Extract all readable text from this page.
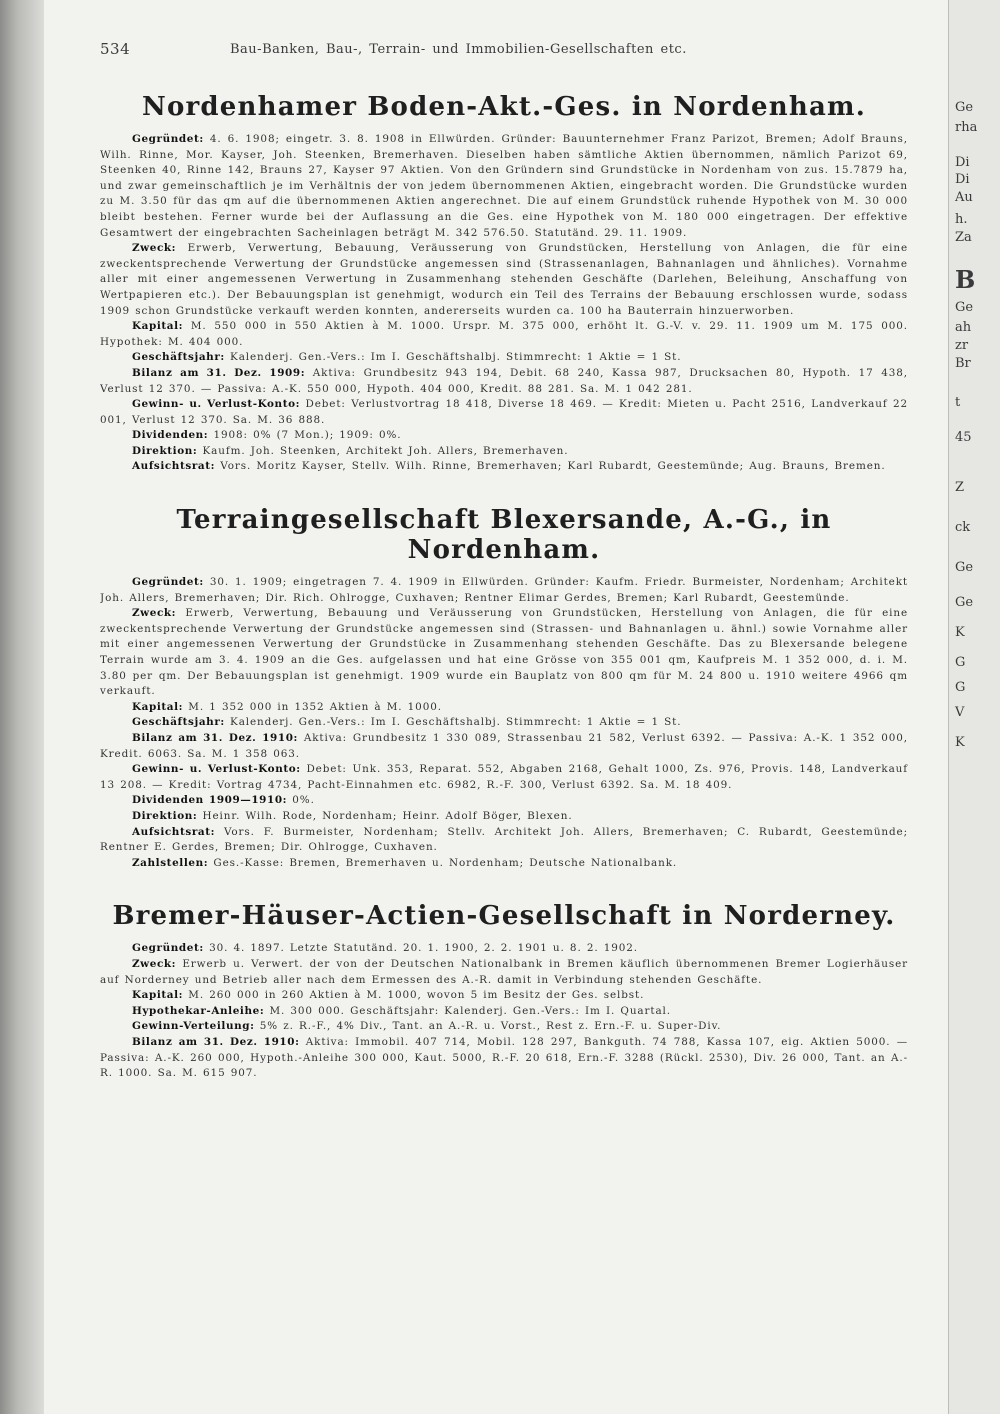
Ge
rha
Di
Di
Au
h.
Za
B
Ge
ah
zr
Br
t
45
Z
ck
Ge
Ge
K
G
G
V
K
534	Bau-Banken, Bau-, Terrain- und Immobilien-Gesellschaften etc.
Nordenhamer Boden-Akt.-Ges. in Nordenham.

Gegründet: 4. 6. 1908; eingetr. 3. 8. 1908 in Ellwürden. Gründer: Bauunternehmer Franz Parizot, Bremen; Adolf Brauns, Wilh. Rinne, Mor. Kayser, Joh. Steenken, Bremerhaven. Dieselben haben sämtliche Aktien übernommen, nämlich Parizot 69, Steenken 40, Rinne 142, Brauns 27, Kayser 97 Aktien. Von den Gründern sind Grundstücke in Nordenham von zus. 15.7879 ha, und zwar gemeinschaftlich je im Verhältnis der von jedem übernommenen Aktien, eingebracht worden. Die Grundstücke wurden zu M. 3.50 für das qm auf die übernommenen Aktien angerechnet. Die auf einem Grundstück ruhende Hypothek von M. 30 000 bleibt bestehen. Ferner wurde bei der Auflassung an die Ges. eine Hypothek von M. 180 000 eingetragen. Der effektive Gesamtwert der eingebrachten Sacheinlagen beträgt M. 342 576.50. Statutänd. 29. 11. 1909.

Zweck: Erwerb, Verwertung, Bebauung, Veräusserung von Grundstücken, Herstellung von Anlagen, die für eine zweckentsprechende Verwertung der Grundstücke angemessen sind (Strassenanlagen, Bahnanlagen und ähnliches). Vornahme aller mit einer angemessenen Verwertung in Zusammenhang stehenden Geschäfte (Darlehen, Beleihung, Anschaffung von Wertpapieren etc.). Der Bebauungsplan ist genehmigt, wodurch ein Teil des Terrains der Bebauung erschlossen wurde, sodass 1909 schon Grundstücke verkauft werden konnten, andererseits wurden ca. 100 ha Bauterrain hinzuerworben.

Kapital: M. 550 000 in 550 Aktien à M. 1000. Urspr. M. 375 000, erhöht lt. G.-V. v. 29. 11. 1909 um M. 175 000. Hypothek: M. 404 000.

Geschäftsjahr: Kalenderj. Gen.-Vers.: Im I. Geschäftshalbj. Stimmrecht: 1 Aktie = 1 St.

Bilanz am 31. Dez. 1909: Aktiva: Grundbesitz 943 194, Debit. 68 240, Kassa 987, Drucksachen 80, Hypoth. 17 438, Verlust 12 370. — Passiva: A.-K. 550 000, Hypoth. 404 000, Kredit. 88 281. Sa. M. 1 042 281.

Gewinn- u. Verlust-Konto: Debet: Verlustvortrag 18 418, Diverse 18 469. — Kredit: Mieten u. Pacht 2516, Landverkauf 22 001, Verlust 12 370. Sa. M. 36 888.

Dividenden: 1908: 0% (7 Mon.); 1909: 0%.

Direktion: Kaufm. Joh. Steenken, Architekt Joh. Allers, Bremerhaven.

Aufsichtsrat: Vors. Moritz Kayser, Stellv. Wilh. Rinne, Bremerhaven; Karl Rubardt, Geestemünde; Aug. Brauns, Bremen.

Terraingesellschaft Blexersande, A.-G., in Nordenham.

Gegründet: 30. 1. 1909; eingetragen 7. 4. 1909 in Ellwürden. Gründer: Kaufm. Friedr. Burmeister, Nordenham; Architekt Joh. Allers, Bremerhaven; Dir. Rich. Ohlrogge, Cuxhaven; Rentner Elimar Gerdes, Bremen; Karl Rubardt, Geestemünde.

Zweck: Erwerb, Verwertung, Bebauung und Veräusserung von Grundstücken, Herstellung von Anlagen, die für eine zweckentsprechende Verwertung der Grundstücke angemessen sind (Strassen- und Bahnanlagen u. ähnl.) sowie Vornahme aller mit einer angemessenen Verwertung der Grundstücke in Zusammenhang stehenden Geschäfte. Das zu Blexersande belegene Terrain wurde am 3. 4. 1909 an die Ges. aufgelassen und hat eine Grösse von 355 001 qm, Kaufpreis M. 1 352 000, d. i. M. 3.80 per qm. Der Bebauungsplan ist genehmigt. 1909 wurde ein Bauplatz von 800 qm für M. 24 800 u. 1910 weitere 4966 qm verkauft.

Kapital: M. 1 352 000 in 1352 Aktien à M. 1000.

Geschäftsjahr: Kalenderj. Gen.-Vers.: Im I. Geschäftshalbj. Stimmrecht: 1 Aktie = 1 St.

Bilanz am 31. Dez. 1910: Aktiva: Grundbesitz 1 330 089, Strassenbau 21 582, Verlust 6392. — Passiva: A.-K. 1 352 000, Kredit. 6063. Sa. M. 1 358 063.

Gewinn- u. Verlust-Konto: Debet: Unk. 353, Reparat. 552, Abgaben 2168, Gehalt 1000, Zs. 976, Provis. 148, Landverkauf 13 208. — Kredit: Vortrag 4734, Pacht-Einnahmen etc. 6982, R.-F. 300, Verlust 6392. Sa. M. 18 409.

Dividenden 1909—1910: 0%.

Direktion: Heinr. Wilh. Rode, Nordenham; Heinr. Adolf Böger, Blexen.

Aufsichtsrat: Vors. F. Burmeister, Nordenham; Stellv. Architekt Joh. Allers, Bremerhaven; C. Rubardt, Geestemünde; Rentner E. Gerdes, Bremen; Dir. Ohlrogge, Cuxhaven.

Zahlstellen: Ges.-Kasse: Bremen, Bremerhaven u. Nordenham; Deutsche Nationalbank.

Bremer-Häuser-Actien-Gesellschaft in Norderney.

Gegründet: 30. 4. 1897. Letzte Statutänd. 20. 1. 1900, 2. 2. 1901 u. 8. 2. 1902.

Zweck: Erwerb u. Verwert. der von der Deutschen Nationalbank in Bremen käuflich übernommenen Bremer Logierhäuser auf Norderney und Betrieb aller nach dem Ermessen des A.-R. damit in Verbindung stehenden Geschäfte.

Kapital: M. 260 000 in 260 Aktien à M. 1000, wovon 5 im Besitz der Ges. selbst.

Hypothekar-Anleihe: M. 300 000. Geschäftsjahr: Kalenderj. Gen.-Vers.: Im I. Quartal.

Gewinn-Verteilung: 5% z. R.-F., 4% Div., Tant. an A.-R. u. Vorst., Rest z. Ern.-F. u. Super-Div.

Bilanz am 31. Dez. 1910: Aktiva: Immobil. 407 714, Mobil. 128 297, Bankguth. 74 788, Kassa 107, eig. Aktien 5000. — Passiva: A.-K. 260 000, Hypoth.-Anleihe 300 000, Kaut. 5000, R.-F. 20 618, Ern.-F. 3288 (Rückl. 2530), Div. 26 000, Tant. an A.-R. 1000. Sa. M. 615 907.
